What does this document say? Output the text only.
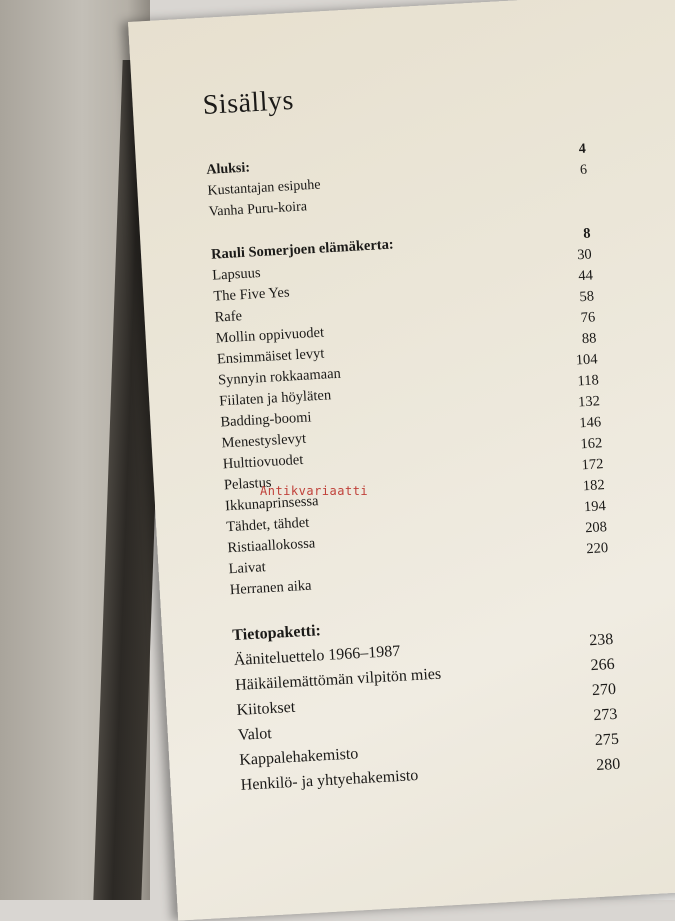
Sisällys
Aluksi:
4
Kustantajan esipuhe
6
Vanha Puru-koira
Rauli Somerjoen elämäkerta:
8
Lapsuus
30
The Five Yes
44
Rafe
58
Mollin oppivuodet
76
Ensimmäiset levyt
88
Synnyin rokkaamaan
104
Fiilaten ja höyläten
118
Badding-boomi
132
Menestyslevyt
146
Hulttiovuodet
162
Pelastus
172
Ikkunaprinsessa
182
Tähdet, tähdet
194
Ristiaallokossa
208
Laivat
220
Herranen aika
Tietopaketti:
Ääniteluettelo 1966–1987
238
Häikäilemättömän vilpitön mies
266
Kiitokset
270
Valot
273
Kappalehakemisto
275
Henkilö- ja yhtyehakemisto
280
Antikvariaatti
